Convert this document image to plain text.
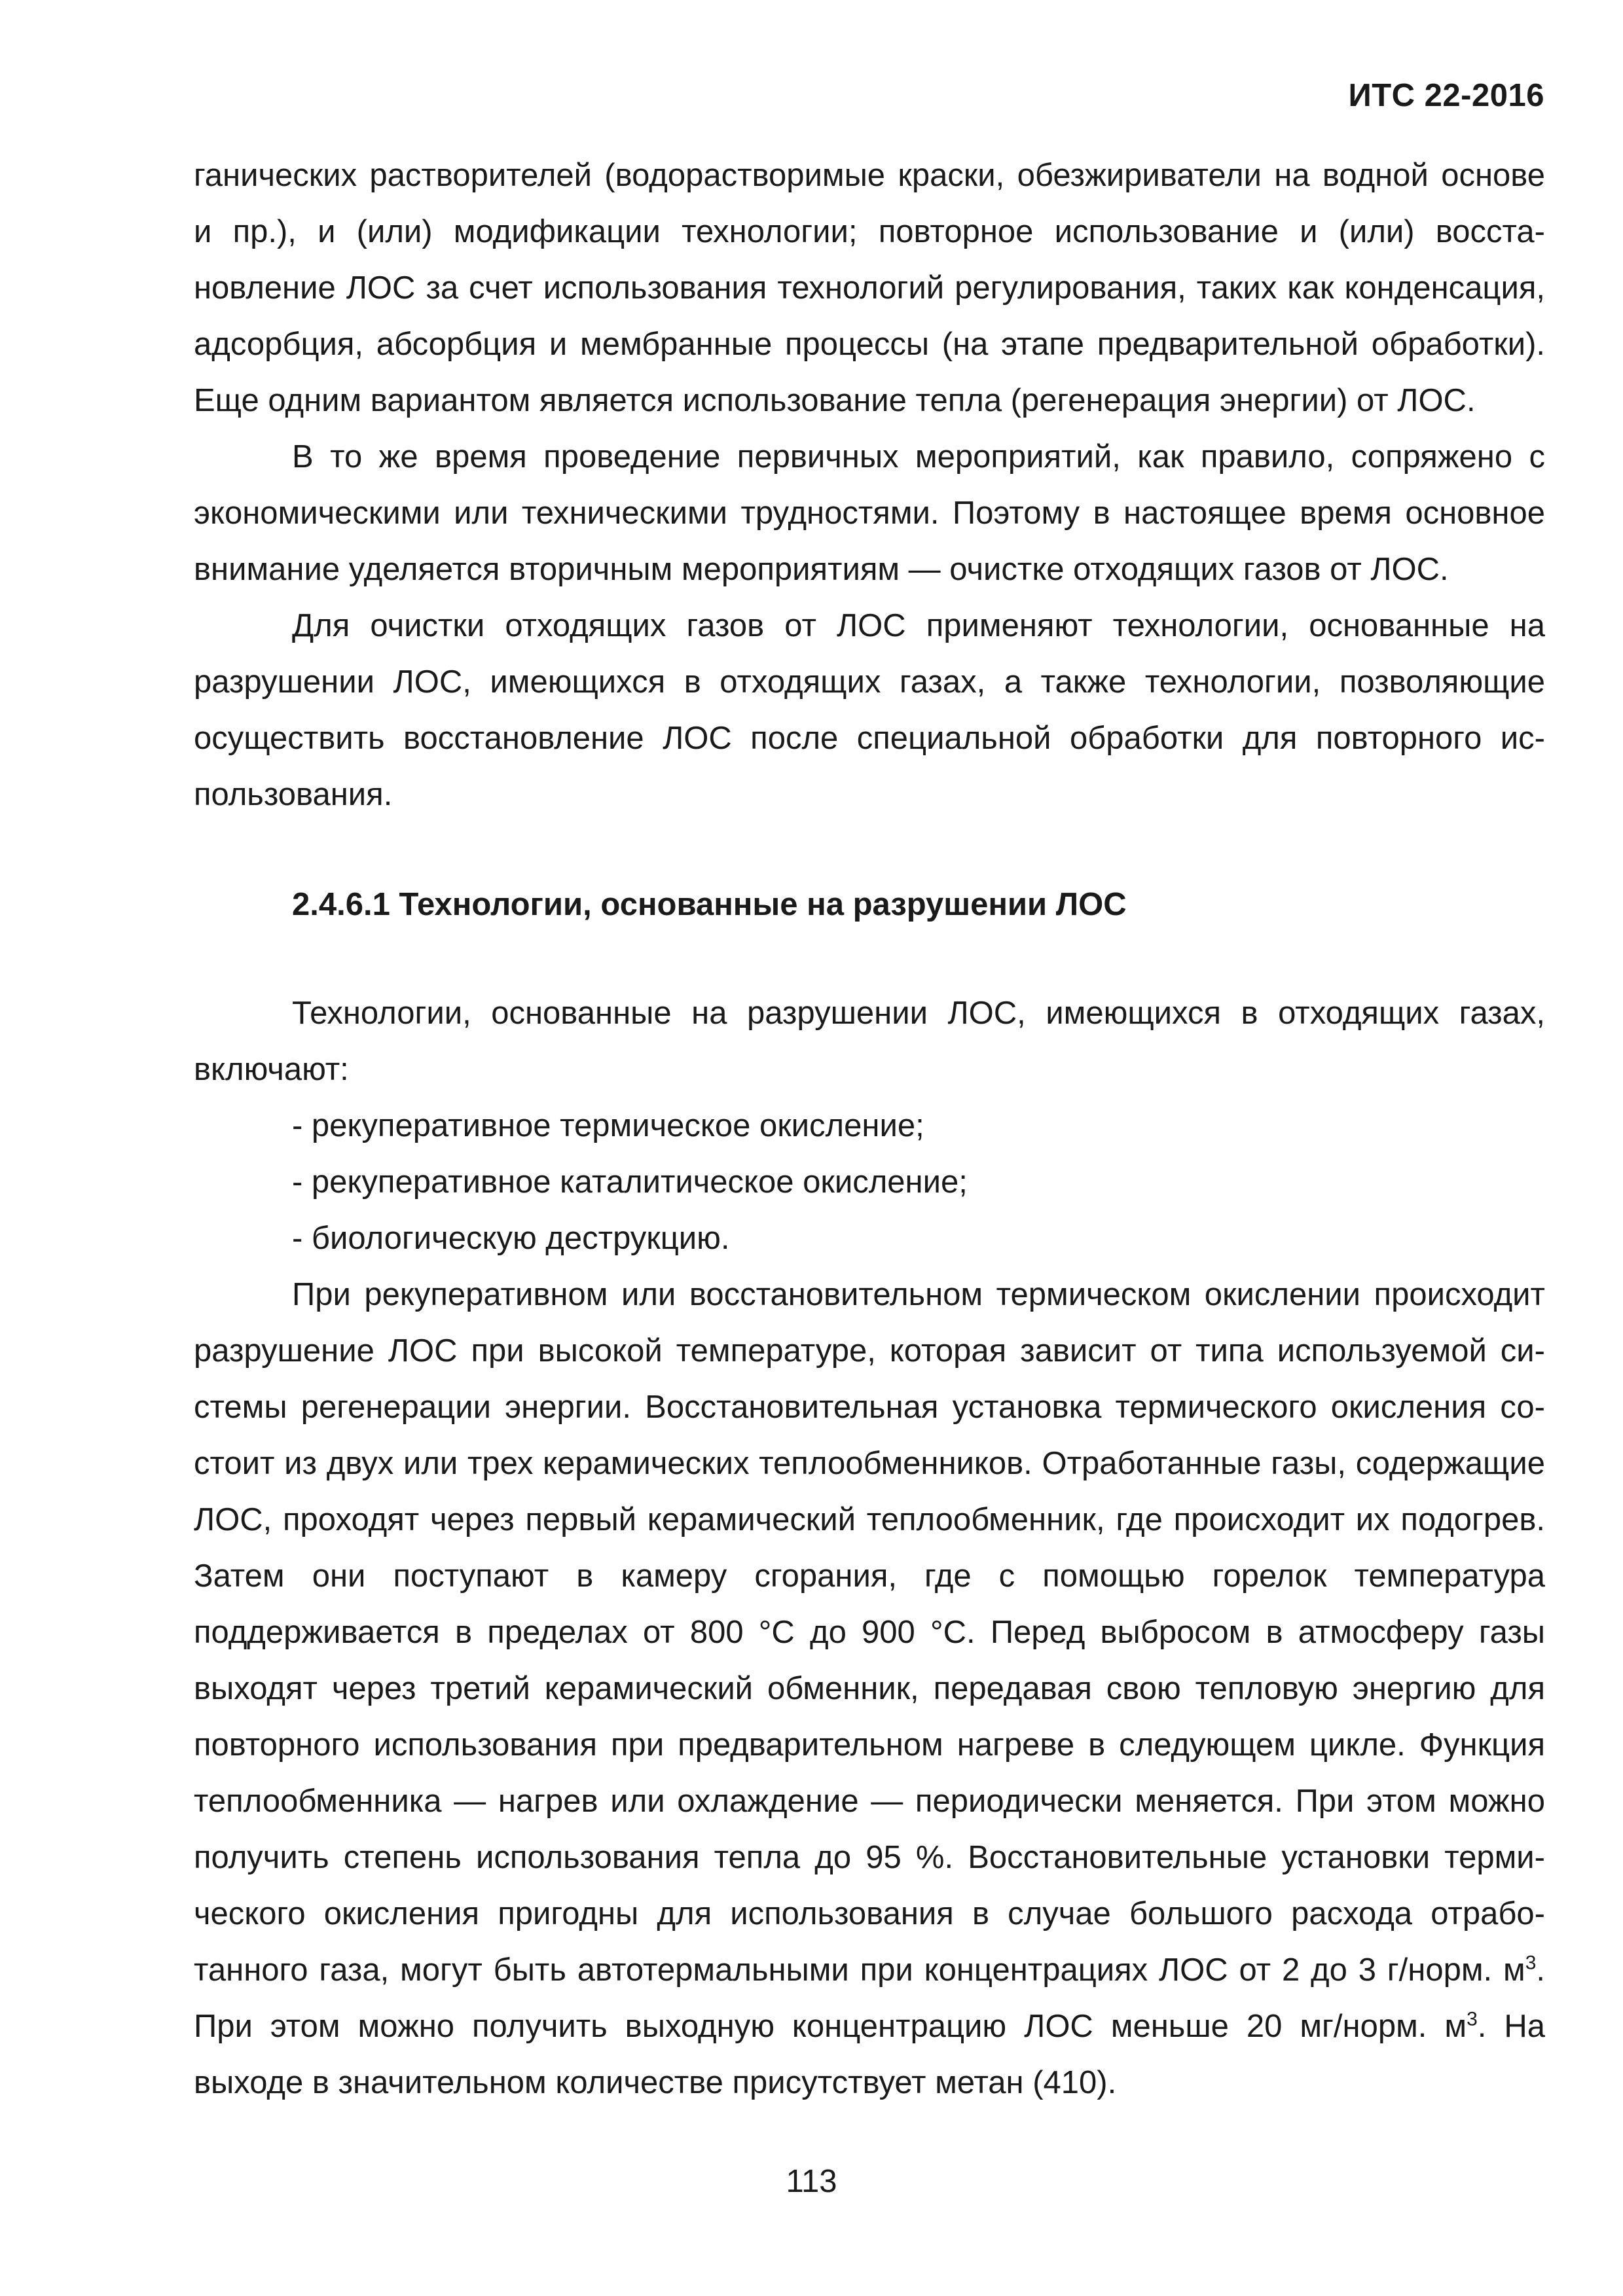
ИТС 22-2016

ганических растворителей (водорастворимые краски, обезжириватели на водной основе и пр.), и (или) модификации технологии; повторное использование и (или) восстановление ЛОС за счет использования технологий регулирования, таких как конденсация, адсорбция, абсорбция и мембранные процессы (на этапе предварительной обработки). Еще одним вариантом является использование тепла (регенерация энергии) от ЛОС.

В то же время проведение первичных мероприятий, как правило, сопряжено с экономическими или техническими трудностями. Поэтому в настоящее время основное внимание уделяется вторичным мероприятиям — очистке отходящих газов от ЛОС.

Для очистки отходящих газов от ЛОС применяют технологии, основанные на разрушении ЛОС, имеющихся в отходящих газах, а также технологии, позволяющие осуществить восстановление ЛОС после специальной обработки для повторного использования.

2.4.6.1 Технологии, основанные на разрушении ЛОС

Технологии, основанные на разрушении ЛОС, имеющихся в отходящих газах, включают:

- рекуперативное термическое окисление;
- рекуперативное каталитическое окисление;
- биологическую деструкцию.

При рекуперативном или восстановительном термическом окислении происходит разрушение ЛОС при высокой температуре, которая зависит от типа используемой системы регенерации энергии. Восстановительная установка термического окисления состоит из двух или трех керамических теплообменников. Отработанные газы, содержащие ЛОС, проходят через первый керамический теплообменник, где происходит их подогрев. Затем они поступают в камеру сгорания, где с помощью горелок температура поддерживается в пределах от 800 °C до 900 °C. Перед выбросом в атмосферу газы выходят через третий керамический обменник, передавая свою тепловую энергию для повторного использования при предварительном нагреве в следующем цикле. Функция теплообменника — нагрев или охлаждение — периодически меняется. При этом можно получить степень использования тепла до 95 %. Восстановительные установки термического окисления пригодны для использования в случае большого расхода отработанного газа, могут быть автотермальными при концентрациях ЛОС от 2 до 3 г/норм. $м^3$. При этом можно получить выходную концентрацию ЛОС меньше 20 мг/норм. $м^3$. На выходе в значительном количестве присутствует метан (410).

113
